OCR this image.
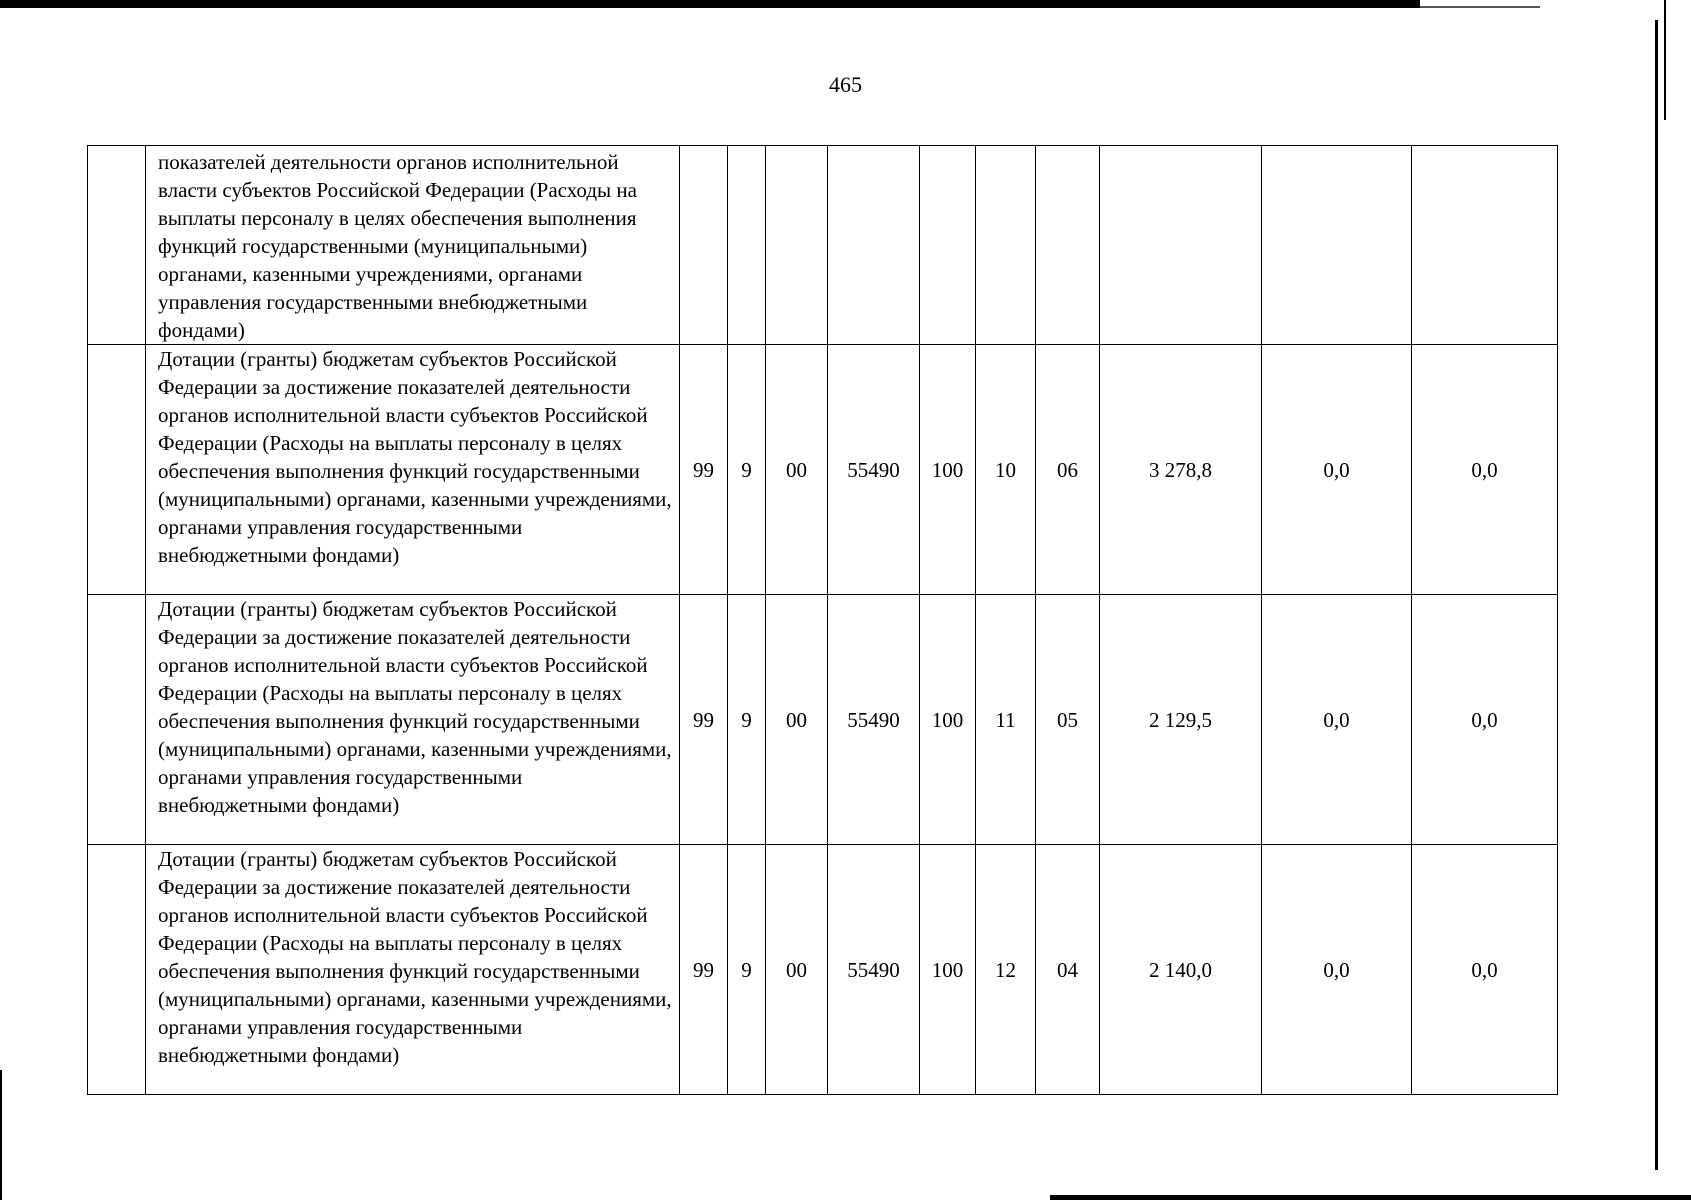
465
	показателей деятельности органов исполнительной власти субъектов Российской Федерации (Расходы на выплаты персоналу в целях обеспечения выполнения функций государственными (муниципальными) органами, казенными учреждениями, органами управления государственными внебюджетными фондами)										
	Дотации (гранты) бюджетам субъектов Российской Федерации за достижение показателей деятельности органов исполнительной власти субъектов Российской Федерации (Расходы на выплаты персоналу в целях обеспечения выполнения функций государственными (муниципальными) органами, казенными учреждениями, органами управления государственными внебюджетными фондами)	99	9	00	55490	100	10	06	3 278,8	0,0	0,0
	Дотации (гранты) бюджетам субъектов Российской Федерации за достижение показателей деятельности органов исполнительной власти субъектов Российской Федерации (Расходы на выплаты персоналу в целях обеспечения выполнения функций государственными (муниципальными) органами, казенными учреждениями, органами управления государственными внебюджетными фондами)	99	9	00	55490	100	11	05	2 129,5	0,0	0,0
	Дотации (гранты) бюджетам субъектов Российской Федерации за достижение показателей деятельности органов исполнительной власти субъектов Российской Федерации (Расходы на выплаты персоналу в целях обеспечения выполнения функций государственными (муниципальными) органами, казенными учреждениями, органами управления государственными внебюджетными фондами)	99	9	00	55490	100	12	04	2 140,0	0,0	0,0
